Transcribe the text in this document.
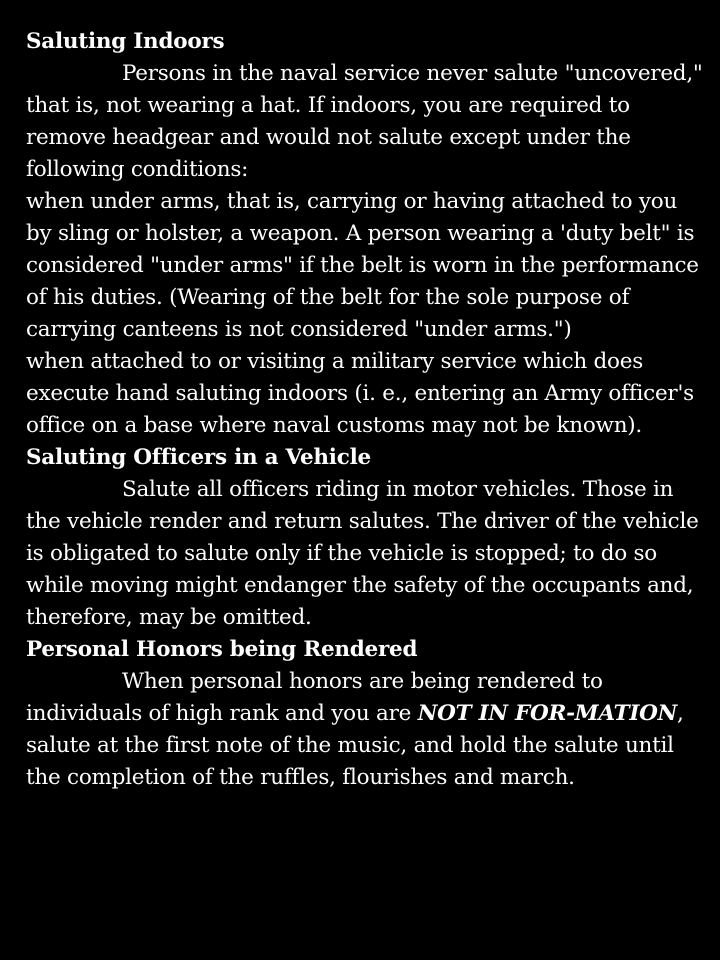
Saluting Indoors

Persons in the naval service never salute "uncovered," that is, not wearing a hat. If indoors, you are required to remove headgear and would not salute except under the following conditions:

when under arms, that is, carrying or having attached to you by sling or holster, a weapon. A person wearing a 'duty belt" is considered "under arms" if the belt is worn in the performance of his duties. (Wearing of the belt for the sole purpose of carrying canteens is not considered "under arms.")

when attached to or visiting a military service which does execute hand saluting indoors (i. e., entering an Army officer's office on a base where naval customs may not be known).

Saluting Officers in a Vehicle

Salute all officers riding in motor vehicles. Those in the vehicle render and return salutes. The driver of the vehicle is obligated to salute only if the vehicle is stopped; to do so while moving might endanger the safety of the occupants and, therefore, may be omitted.

Personal Honors being Rendered

When personal honors are being rendered to individuals of high rank and you are NOT IN FOR-MATION, salute at the first note of the music, and hold the salute until the completion of the ruffles, flourishes and march.
